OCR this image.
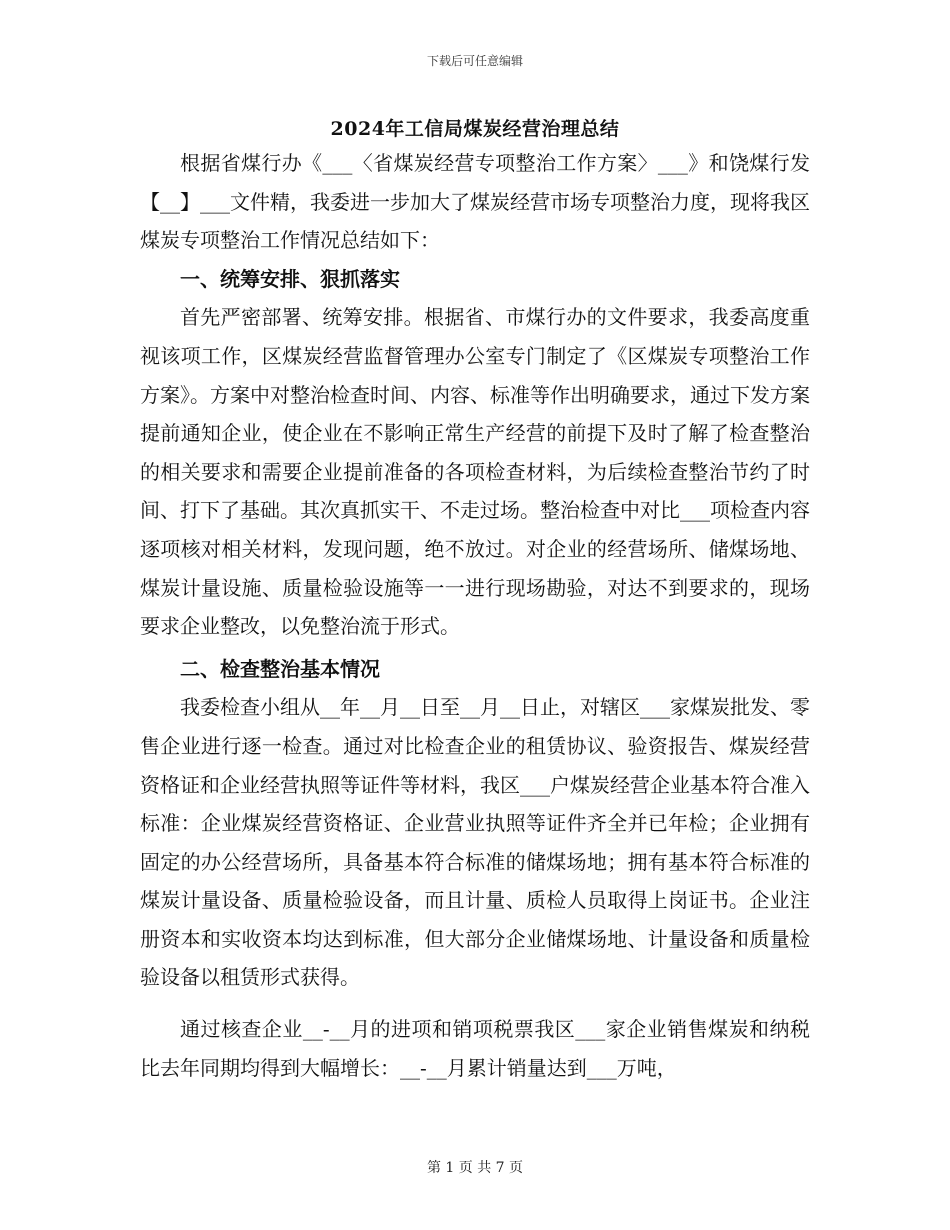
下载后可任意编辑
2024年工信局煤炭经营治理总结

根据省煤行办《___〈省煤炭经营专项整治工作方案〉___》和饶煤行发【__】___文件精，我委进一步加大了煤炭经营市场专项整治力度，现将我区煤炭专项整治工作情况总结如下：

一、统筹安排、狠抓落实

首先严密部署、统筹安排。根据省、市煤行办的文件要求，我委高度重视该项工作，区煤炭经营监督管理办公室专门制定了《区煤炭专项整治工作方案》。方案中对整治检查时间、内容、标准等作出明确要求，通过下发方案提前通知企业，使企业在不影响正常生产经营的前提下及时了解了检查整治的相关要求和需要企业提前准备的各项检查材料，为后续检查整治节约了时间、打下了基础。其次真抓实干、不走过场。整治检查中对比___项检查内容逐项核对相关材料，发现问题，绝不放过。对企业的经营场所、储煤场地、煤炭计量设施、质量检验设施等一一进行现场勘验，对达不到要求的，现场要求企业整改，以免整治流于形式。

二、检查整治基本情况

我委检查小组从__年__月__日至__月__日止，对辖区___家煤炭批发、零售企业进行逐一检查。通过对比检查企业的租赁协议、验资报告、煤炭经营资格证和企业经营执照等证件等材料，我区___户煤炭经营企业基本符合准入标准：企业煤炭经营资格证、企业营业执照等证件齐全并已年检；企业拥有固定的办公经营场所，具备基本符合标准的储煤场地；拥有基本符合标准的煤炭计量设备、质量检验设备，而且计量、质检人员取得上岗证书。企业注册资本和实收资本均达到标准，但大部分企业储煤场地、计量设备和质量检验设备以租赁形式获得。

通过核查企业__-__月的进项和销项税票我区___家企业销售煤炭和纳税比去年同期均得到大幅增长：__-__月累计销量达到___万吨，

第 1 页 共 7 页
